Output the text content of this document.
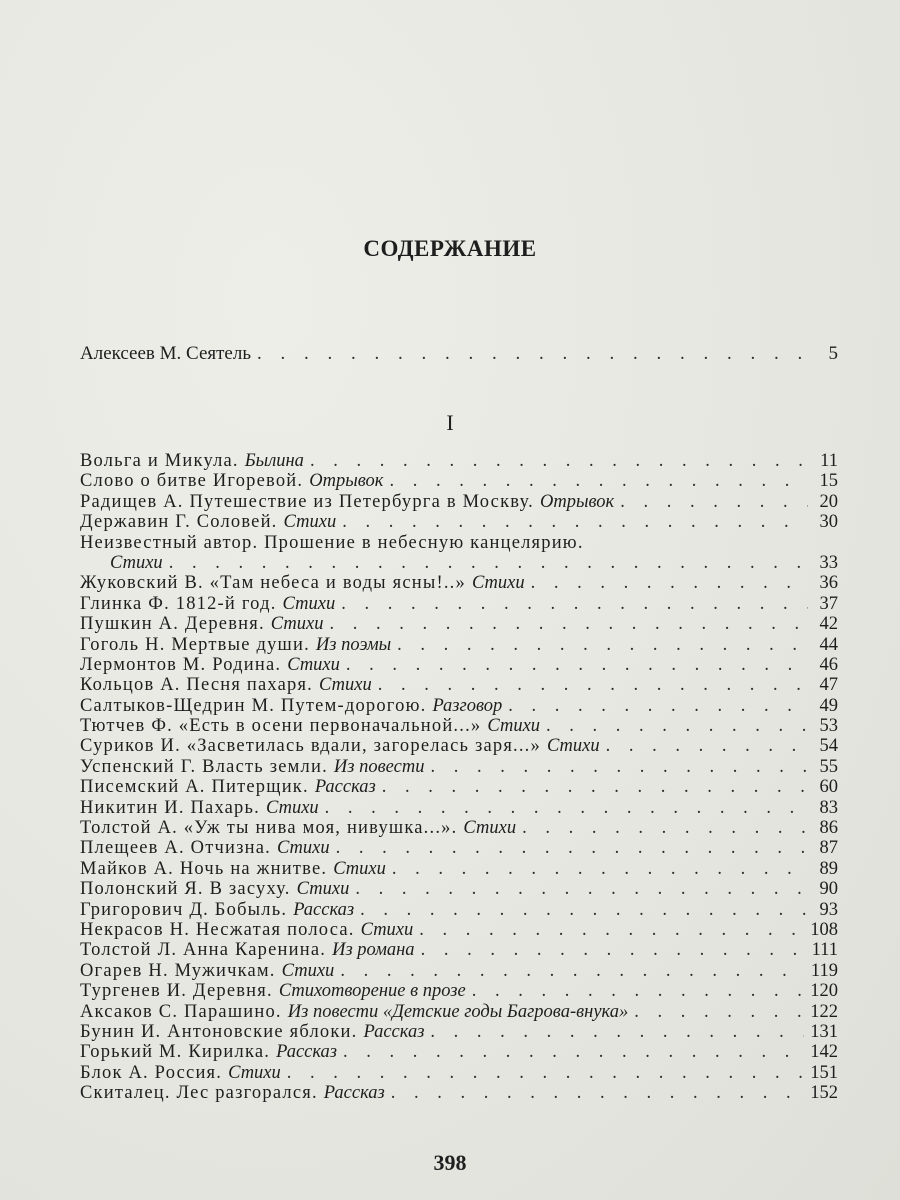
СОДЕРЖАНИЕ
Алексеев М. Сеятель . . .	5
I
Вольга и Микула. Былина . . .	11
Слово о битве Игоревой. Отрывок . . .	15
Радищев А. Путешествие из Петербурга в Москву. Отрывок . . .	20
Державин Г. Соловей. Стихи . . .	30
Неизвестный автор. Прошение в небесную канцелярию.
Стихи . . .	33
Жуковский В. «Там небеса и воды ясны!..» Стихи . . .	36
Глинка Ф. 1812-й год. Стихи . . .	37
Пушкин А. Деревня. Стихи . . .	42
Гоголь Н. Мертвые души. Из поэмы . . .	44
Лермонтов М. Родина. Стихи . . .	46
Кольцов А. Песня пахаря. Стихи . . .	47
Салтыков-Щедрин М. Путем-дорогою. Разговор . . .	49
Тютчев Ф. «Есть в осени первоначальной...» Стихи . . .	53
Суриков И. «Засветилась вдали, загорелась заря...» Стихи . . .	54
Успенский Г. Власть земли. Из повести . . .	55
Писемский А. Питерщик. Рассказ . . .	60
Никитин И. Пахарь. Стихи . . .	83
Толстой А. «Уж ты нива моя, нивушка...». Стихи . . .	86
Плещеев А. Отчизна. Стихи . . .	87
Майков А. Ночь на жнитве. Стихи . . .	89
Полонский Я. В засуху. Стихи . . .	90
Григорович Д. Бобыль. Рассказ . . .	93
Некрасов Н. Несжатая полоса. Стихи . . .	108
Толстой Л. Анна Каренина. Из романа . . .	111
Огарев Н. Мужичкам. Стихи . . .	119
Тургенев И. Деревня. Стихотворение в прозе . . .	120
Аксаков С. Парашино. Из повести «Детские годы Багрова-внука» . . .	122
Бунин И. Антоновские яблоки. Рассказ . . .	131
Горький М. Кирилка. Рассказ . . .	142
Блок А. Россия. Стихи . . .	151
Скиталец. Лес разгорался. Рассказ . . .	152
398
